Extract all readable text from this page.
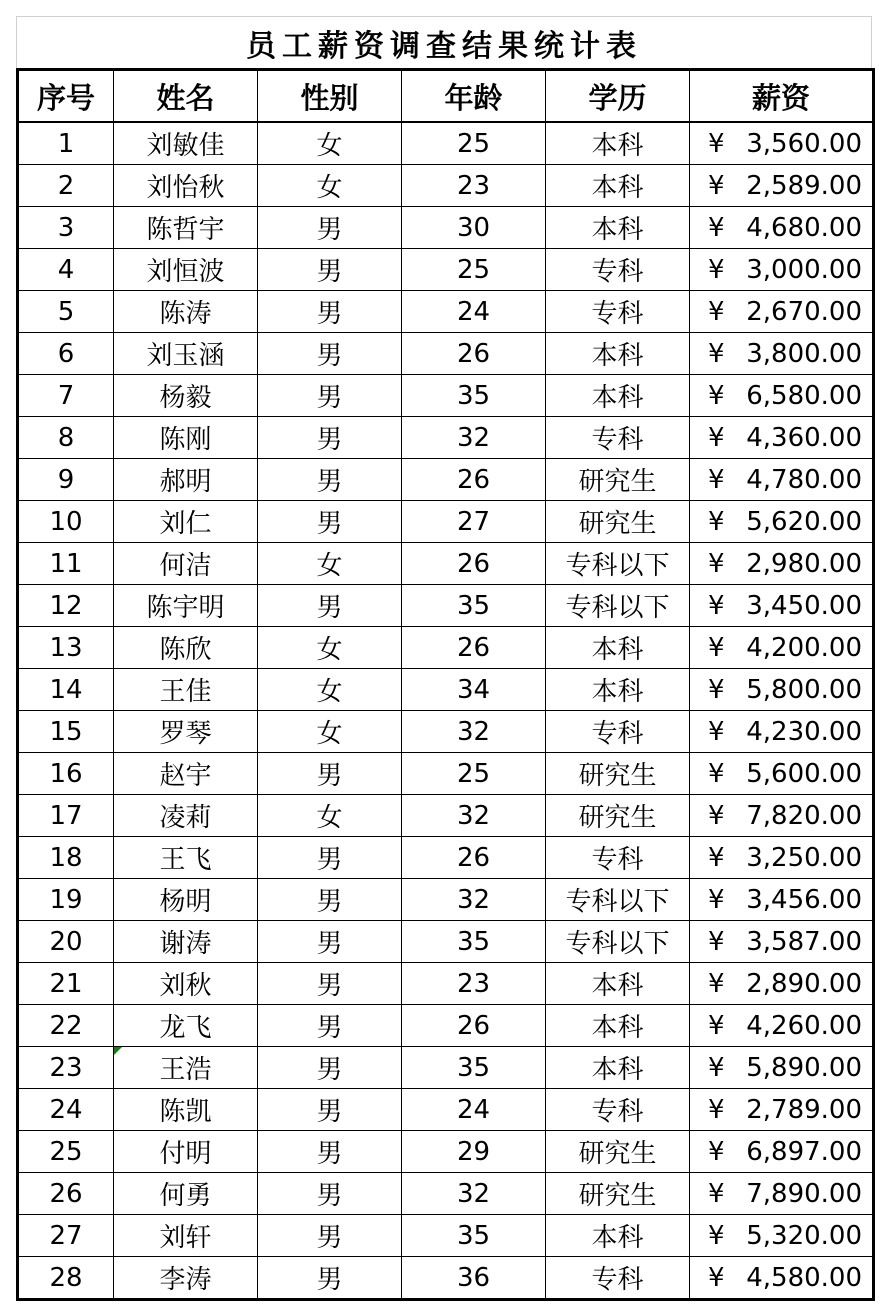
员工薪资调查结果统计表
序号	姓名	性别	年龄	学历	薪资
1	刘敏佳	女	25	本科	¥ 3,560.00
2	刘怡秋	女	23	本科	¥ 2,589.00
3	陈哲宇	男	30	本科	¥ 4,680.00
4	刘恒波	男	25	专科	¥ 3,000.00
5	陈涛	男	24	专科	¥ 2,670.00
6	刘玉涵	男	26	本科	¥ 3,800.00
7	杨毅	男	35	本科	¥ 6,580.00
8	陈刚	男	32	专科	¥ 4,360.00
9	郝明	男	26	研究生	¥ 4,780.00
10	刘仁	男	27	研究生	¥ 5,620.00
11	何洁	女	26	专科以下	¥ 2,980.00
12	陈宇明	男	35	专科以下	¥ 3,450.00
13	陈欣	女	26	本科	¥ 4,200.00
14	王佳	女	34	本科	¥ 5,800.00
15	罗琴	女	32	专科	¥ 4,230.00
16	赵宇	男	25	研究生	¥ 5,600.00
17	凌莉	女	32	研究生	¥ 7,820.00
18	王飞	男	26	专科	¥ 3,250.00
19	杨明	男	32	专科以下	¥ 3,456.00
20	谢涛	男	35	专科以下	¥ 3,587.00
21	刘秋	男	23	本科	¥ 2,890.00
22	龙飞	男	26	本科	¥ 4,260.00
23	王浩	男	35	本科	¥ 5,890.00
24	陈凯	男	24	专科	¥ 2,789.00
25	付明	男	29	研究生	¥ 6,897.00
26	何勇	男	32	研究生	¥ 7,890.00
27	刘轩	男	35	本科	¥ 5,320.00
28	李涛	男	36	专科	¥ 4,580.00
